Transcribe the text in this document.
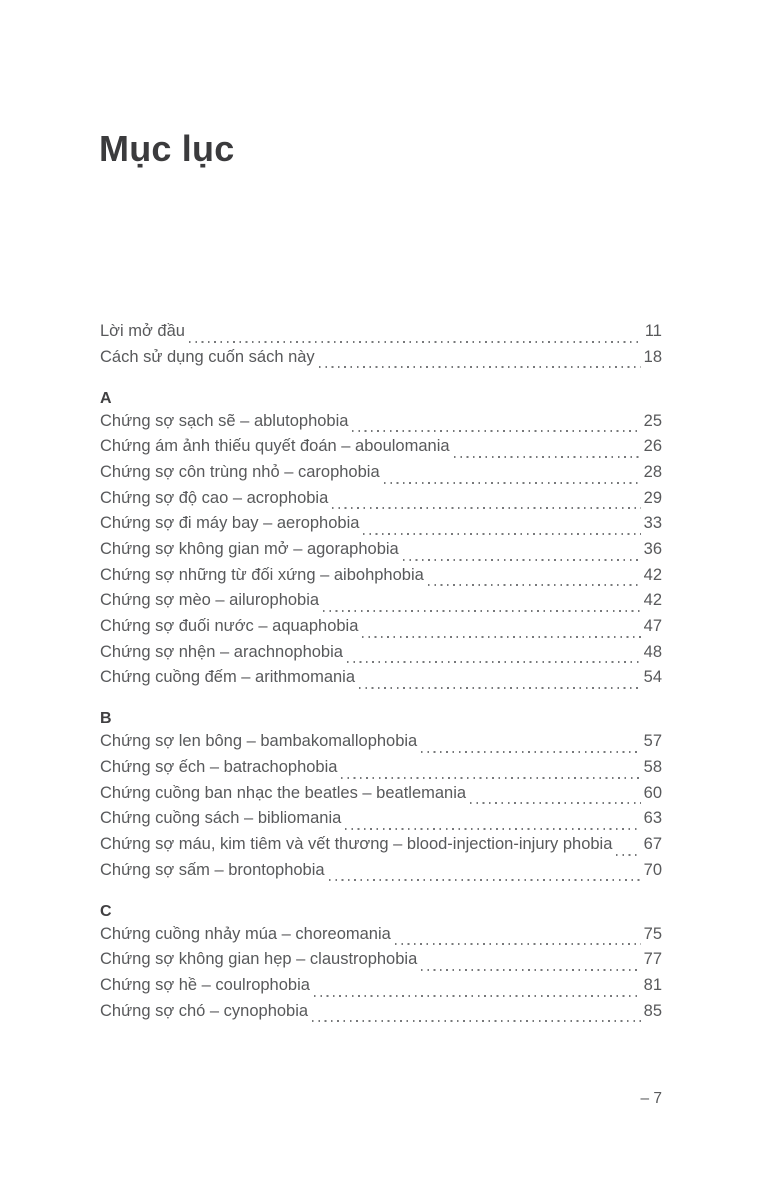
Mục lục
Lời mở đầu	11
Cách sử dụng cuốn sách này	18
A
Chứng sợ sạch sẽ – ablutophobia	25
Chứng ám ảnh thiếu quyết đoán – aboulomania	26
Chứng sợ côn trùng nhỏ – carophobia	28
Chứng sợ độ cao – acrophobia	29
Chứng sợ đi máy bay – aerophobia	33
Chứng sợ không gian mở – agoraphobia	36
Chứng sợ những từ đối xứng – aibohphobia	42
Chứng sợ mèo – ailurophobia	42
Chứng sợ đuối nước – aquaphobia	47
Chứng sợ nhện – arachnophobia	48
Chứng cuồng đếm – arithmomania	54
B
Chứng sợ len bông – bambakomallophobia	57
Chứng sợ ếch – batrachophobia	58
Chứng cuồng ban nhạc the beatles – beatlemania	60
Chứng cuồng sách – bibliomania	63
Chứng sợ máu, kim tiêm và vết thương – blood-injection-injury phobia 67
Chứng sợ sấm – brontophobia	70
C
Chứng cuồng nhảy múa – choreomania	75
Chứng sợ không gian hẹp – claustrophobia	77
Chứng sợ hề – coulrophobia	81
Chứng sợ chó – cynophobia	85
– 7
